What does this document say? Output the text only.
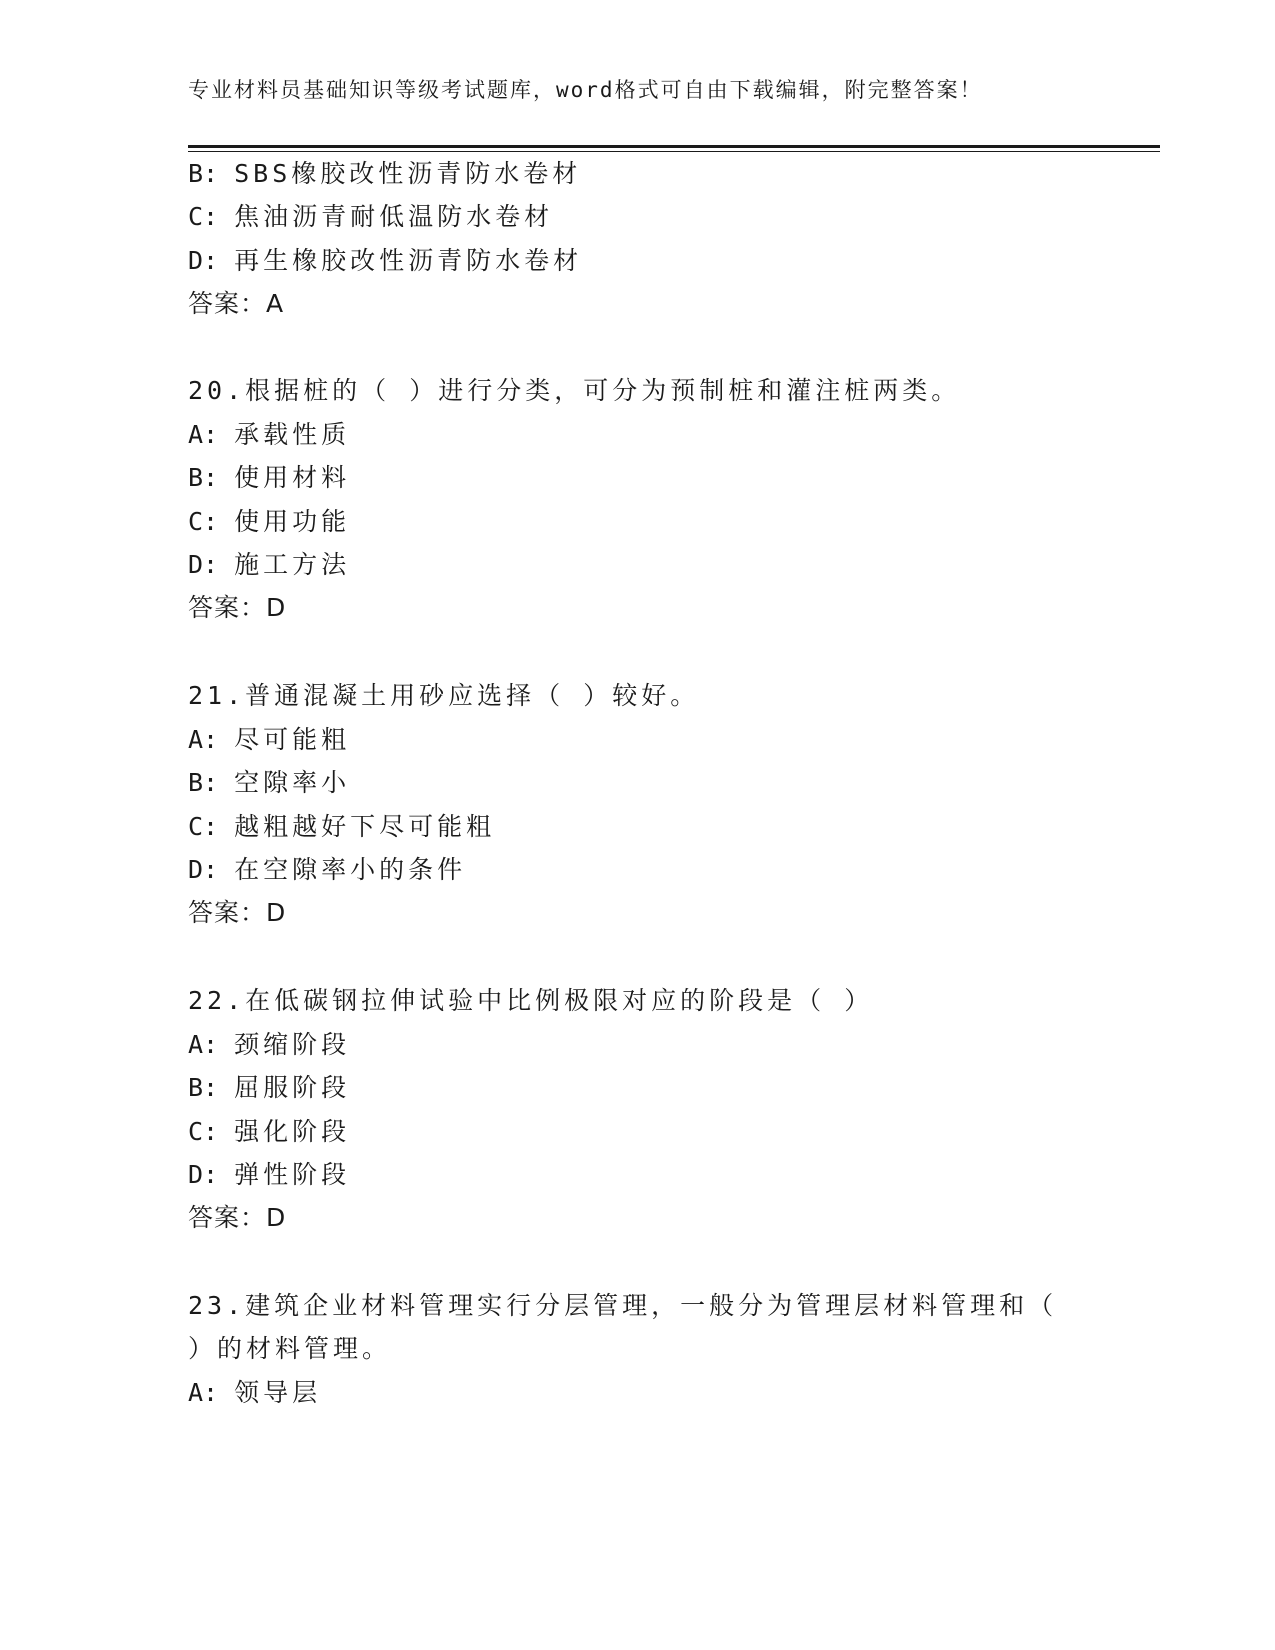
专业材料员基础知识等级考试题库，word格式可自由下载编辑，附完整答案！
B: SBS橡胶改性沥青防水卷材
C: 焦油沥青耐低温防水卷材
D: 再生橡胶改性沥青防水卷材
答案：A
20.根据桩的（ ）进行分类，可分为预制桩和灌注桩两类。
A: 承载性质
B: 使用材料
C: 使用功能
D: 施工方法
答案：D
21.普通混凝土用砂应选择（ ）较好。
A: 尽可能粗
B: 空隙率小
C: 越粗越好下尽可能粗
D: 在空隙率小的条件
答案：D
22.在低碳钢拉伸试验中比例极限对应的阶段是（ ）
A: 颈缩阶段
B: 屈服阶段
C: 强化阶段
D: 弹性阶段
答案：D
23.建筑企业材料管理实行分层管理，一般分为管理层材料管理和（
）的材料管理。
A: 领导层
